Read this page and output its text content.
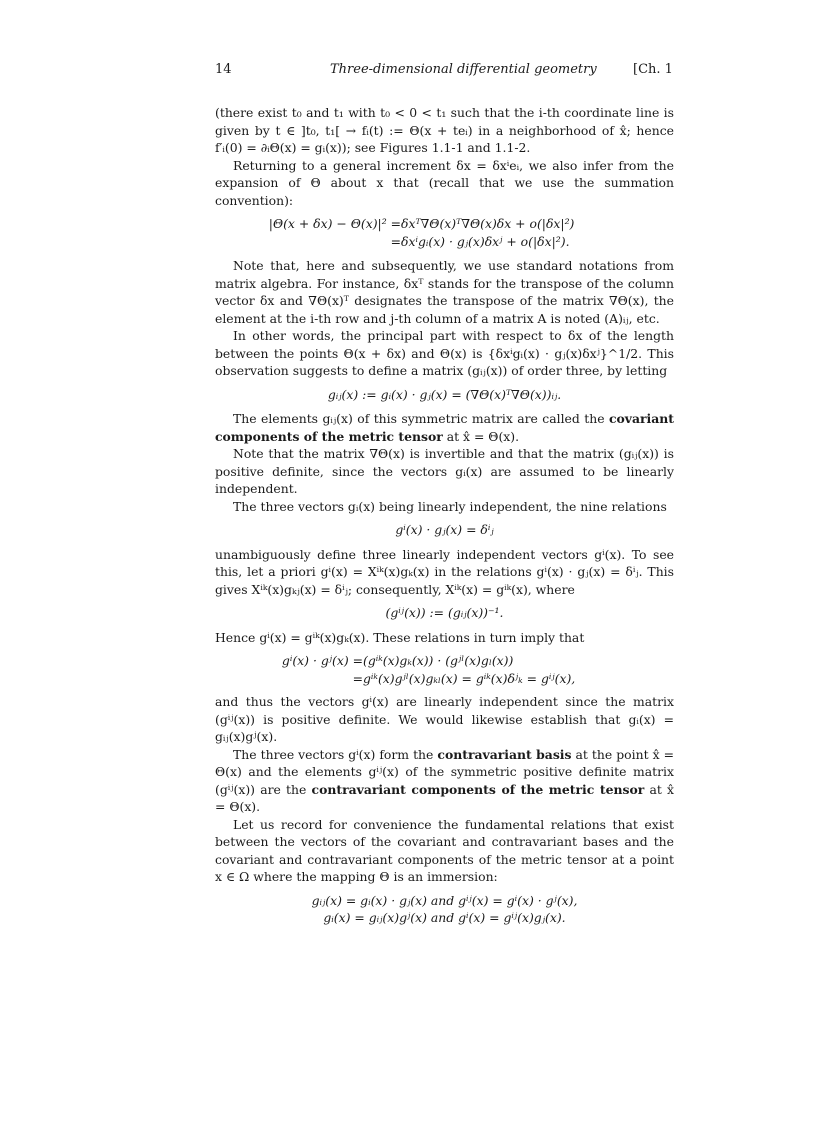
14	Three-dimensional differential geometry	[Ch. 1

(there exist t₀ and t₁ with t₀ < 0 < t₁ such that the i-th coordinate line is given by t ∈ ]t₀, t₁[ → fᵢ(t) := Θ(x + teᵢ) in a neighborhood of x̂; hence f′ᵢ(0) = ∂ᵢΘ(x) = gᵢ(x)); see Figures 1.1-1 and 1.1-2.

Returning to a general increment δx = δxⁱeᵢ, we also infer from the expansion of Θ about x that (recall that we use the summation convention):

|Θ(x + δx) − Θ(x)|² = δxᵀ∇Θ(x)ᵀ∇Θ(x)δx + o(|δx|²)
= δxⁱgᵢ(x) · gⱼ(x)δxʲ + o(|δx|²).

Note that, here and subsequently, we use standard notations from matrix algebra. For instance, δxᵀ stands for the transpose of the column vector δx and ∇Θ(x)ᵀ designates the transpose of the matrix ∇Θ(x), the element at the i-th row and j-th column of a matrix A is noted (A)ᵢⱼ, etc.

In other words, the principal part with respect to δx of the length between the points Θ(x + δx) and Θ(x) is {δxⁱgᵢ(x) · gⱼ(x)δxʲ}^1/2. This observation suggests to define a matrix (gᵢⱼ(x)) of order three, by letting

gᵢⱼ(x) := gᵢ(x) · gⱼ(x) = (∇Θ(x)ᵀ∇Θ(x))ᵢⱼ.

The elements gᵢⱼ(x) of this symmetric matrix are called the covariant components of the metric tensor at x̂ = Θ(x).

Note that the matrix ∇Θ(x) is invertible and that the matrix (gᵢⱼ(x)) is positive definite, since the vectors gᵢ(x) are assumed to be linearly independent.

The three vectors gᵢ(x) being linearly independent, the nine relations

gⁱ(x) · gⱼ(x) = δⁱⱼ

unambiguously define three linearly independent vectors gⁱ(x). To see this, let a priori gⁱ(x) = Xⁱᵏ(x)gₖ(x) in the relations gⁱ(x) · gⱼ(x) = δⁱⱼ. This gives Xⁱᵏ(x)gₖⱼ(x) = δⁱⱼ; consequently, Xⁱᵏ(x) = gⁱᵏ(x), where

(gⁱʲ(x)) := (gᵢⱼ(x))⁻¹.

Hence gⁱ(x) = gⁱᵏ(x)gₖ(x). These relations in turn imply that

gⁱ(x) · gʲ(x) = (gⁱᵏ(x)gₖ(x)) · (gʲˡ(x)gₗ(x))
= gⁱᵏ(x)gʲˡ(x)gₖₗ(x) = gⁱᵏ(x)δʲₖ = gⁱʲ(x),

and thus the vectors gⁱ(x) are linearly independent since the matrix (gⁱʲ(x)) is positive definite. We would likewise establish that gᵢ(x) = gᵢⱼ(x)gʲ(x).

The three vectors gⁱ(x) form the contravariant basis at the point x̂ = Θ(x) and the elements gⁱʲ(x) of the symmetric positive definite matrix (gⁱʲ(x)) are the contravariant components of the metric tensor at x̂ = Θ(x).

Let us record for convenience the fundamental relations that exist between the vectors of the covariant and contravariant bases and the covariant and contravariant components of the metric tensor at a point x ∈ Ω where the mapping Θ is an immersion:

gᵢⱼ(x) = gᵢ(x) · gⱼ(x) and gⁱʲ(x) = gⁱ(x) · gʲ(x),
gᵢ(x) = gᵢⱼ(x)gʲ(x) and gⁱ(x) = gⁱʲ(x)gⱼ(x).
